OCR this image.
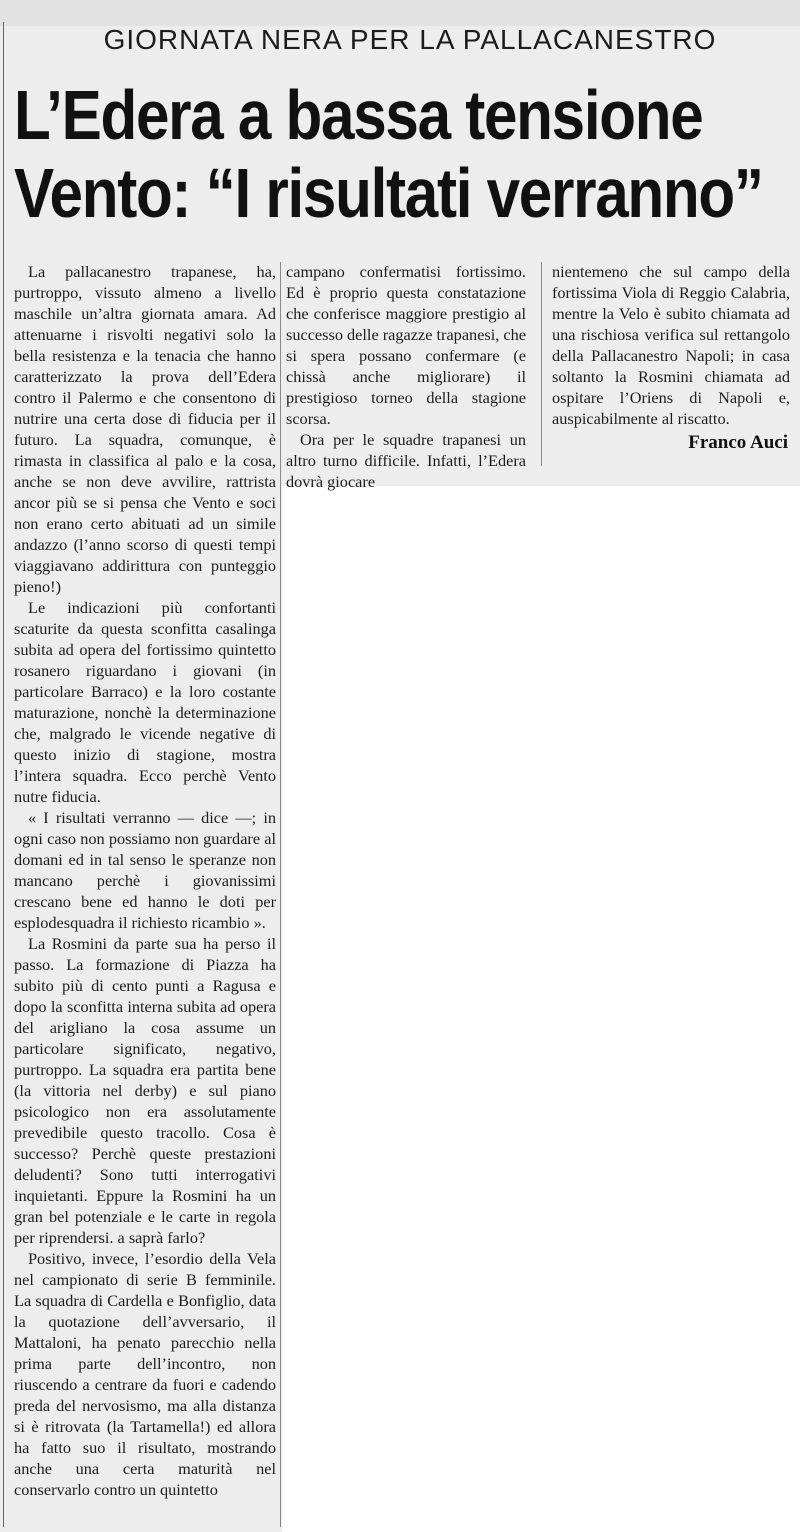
GIORNATA NERA PER LA PALLACANESTRO
L’Edera a bassa tensione
Vento: “I risultati verranno”

La pallacanestro trapanese, ha, purtroppo, vissuto almeno a livello maschile un’altra giornata amara. Ad attenuarne i risvolti negativi solo la bella resistenza e la tenacia che hanno caratterizzato la prova dell’Edera contro il Palermo e che consentono di nutrire una certa dose di fiducia per il futuro. La squadra, comunque, è rimasta in classifica al palo e la cosa, anche se non deve avvilire, rattrista ancor più se si pensa che Vento e soci non erano certo abituati ad un simile andazzo (l’anno scorso di questi tempi viaggiavano addirittura con punteggio pieno!)

Le indicazioni più confortanti scaturite da questa sconfitta casalinga subita ad opera del fortissimo quintetto rosanero riguardano i giovani (in particolare Barraco) e la loro costante maturazione, nonchè la determinazione che, malgrado le vicende negative di questo inizio di stagione, mostra l’intera squadra. Ecco perchè Vento nutre fiducia.

« I risultati verranno — dice —; in ogni caso non possiamo non guardare al domani ed in tal senso le speranze non mancano perchè i giovanissimi crescano bene ed hanno le doti per esplodesquadra il richiesto ricambio ».

La Rosmini da parte sua ha perso il passo. La formazione di Piazza ha subito più di cento punti a Ragusa e dopo la sconfitta interna subita ad opera del arigliano la cosa assume un particolare significato, negativo, purtroppo. La squadra era partita bene (la vittoria nel derby) e sul piano psicologico non era assolutamente prevedibile questo tracollo. Cosa è successo? Perchè queste prestazioni deludenti? Sono tutti interrogativi inquietanti. Eppure la Rosmini ha un gran bel potenziale e le carte in regola per riprendersi. a saprà farlo?

Positivo, invece, l’esordio della Vela nel campionato di serie B femminile. La squadra di Cardella e Bonfiglio, data la quotazione dell’avversario, il Mattaloni, ha penato parecchio nella prima parte dell’incontro, non riuscendo a centrare da fuori e cadendo preda del nervosismo, ma alla distanza si è ritrovata (la Tartamella!) ed allora ha fatto suo il risultato, mostrando anche una certa maturità nel conservarlo contro un quintetto

campano confermatisi fortissimo. Ed è proprio questa constatazione che conferisce maggiore prestigio al successo delle ragazze trapanesi, che si spera possano confermare (e chissà anche migliorare) il prestigioso torneo della stagione scorsa.

Ora per le squadre trapanesi un altro turno difficile. Infatti, l’Edera dovrà giocare

nientemeno che sul campo della fortissima Viola di Reggio Calabria, mentre la Velo è subito chiamata ad una rischiosa verifica sul rettangolo della Pallacanestro Napoli; in casa soltanto la Rosmini chiamata ad ospitare l’Oriens di Napoli e, auspicabilmente al riscatto.

Franco Auci
